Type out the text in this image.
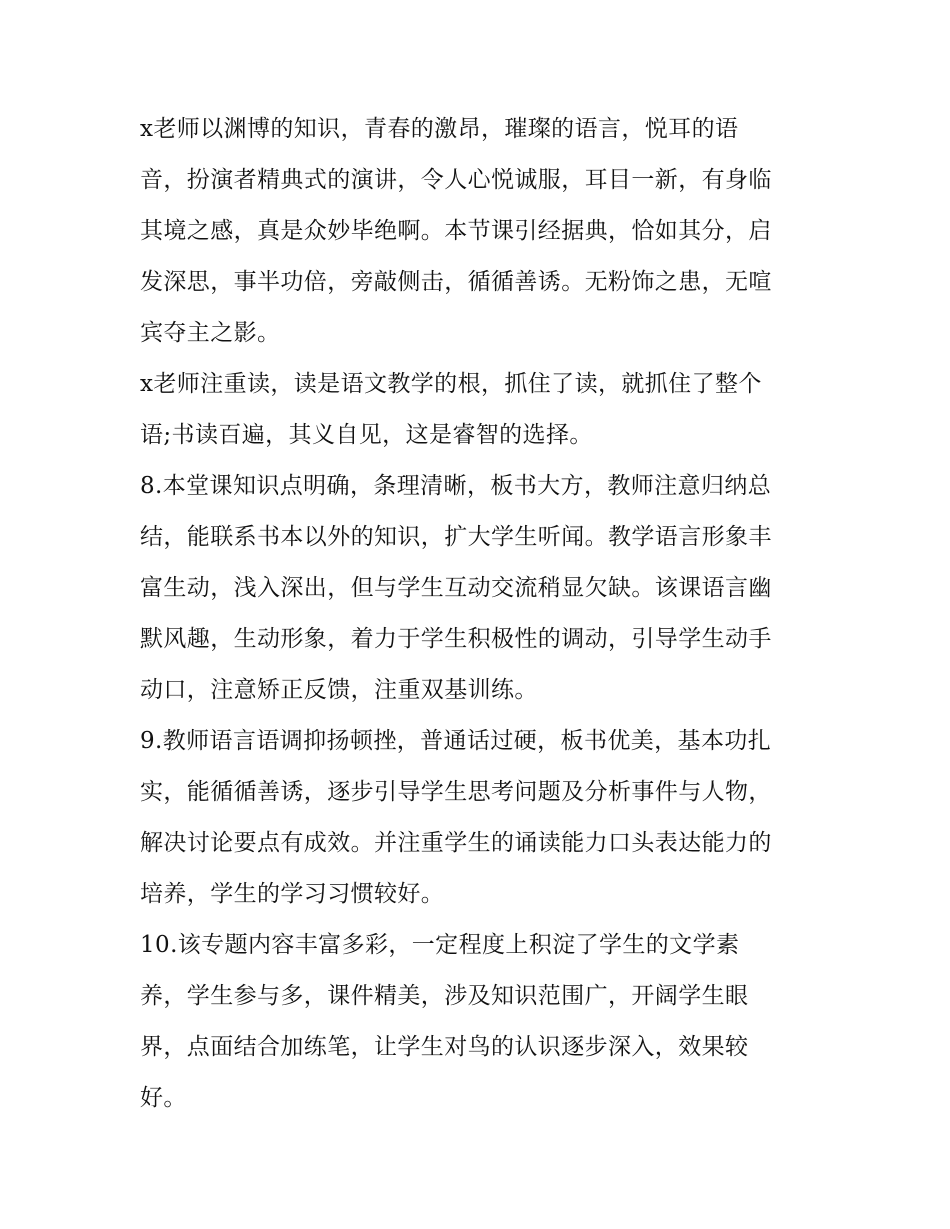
x老师以渊博的知识，青春的激昂，璀璨的语言，悦耳的语
音，扮演者精典式的演讲，令人心悦诚服，耳目一新，有身临
其境之感，真是众妙毕绝啊。本节课引经据典，恰如其分，启
发深思，事半功倍，旁敲侧击，循循善诱。无粉饰之患，无喧
宾夺主之影。
x老师注重读，读是语文教学的根，抓住了读，就抓住了整个
语;书读百遍，其义自见，这是睿智的选择。
8.本堂课知识点明确，条理清晰，板书大方，教师注意归纳总
结，能联系书本以外的知识，扩大学生听闻。教学语言形象丰
富生动，浅入深出，但与学生互动交流稍显欠缺。该课语言幽
默风趣，生动形象，着力于学生积极性的调动，引导学生动手
动口，注意矫正反馈，注重双基训练。
9.教师语言语调抑扬顿挫，普通话过硬，板书优美，基本功扎
实，能循循善诱，逐步引导学生思考问题及分析事件与人物，
解决讨论要点有成效。并注重学生的诵读能力口头表达能力的
培养，学生的学习习惯较好。
10.该专题内容丰富多彩，一定程度上积淀了学生的文学素
养，学生参与多，课件精美，涉及知识范围广，开阔学生眼
界，点面结合加练笔，让学生对鸟的认识逐步深入，效果较
好。
